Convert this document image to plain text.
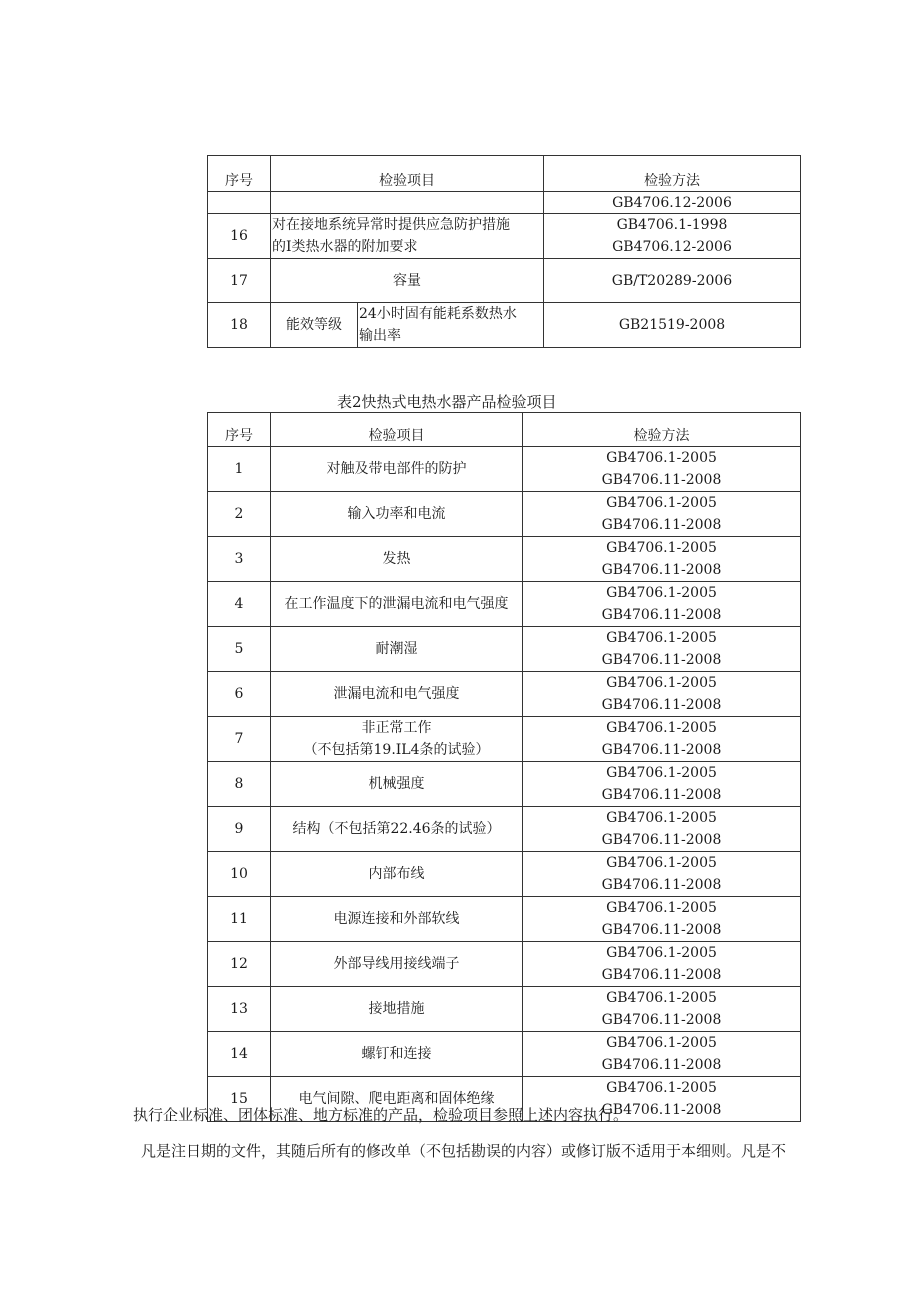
序号	检验项目		检验方法
			GB4706.12-2006
16	对在接地系统异常时提供应急防护措施
的Ⅰ类热水器的附加要求		GB4706.1-1998
GB4706.12-2006

17	容量		GB/T20289-2006
18	能效等级	24小时固有能耗系数热水
输出率	GB21519-2008
表2快热式电热水器产品检验项目
序号	检验项目	检验方法
1	对触及带电部件的防护	GB4706.1-2005
GB4706.11-2008

2	输入功率和电流	GB4706.1-2005
GB4706.11-2008

3	发热	GB4706.1-2005
GB4706.11-2008

4	在工作温度下的泄漏电流和电气强度	GB4706.1-2005
GB4706.11-2008

5	耐潮湿	GB4706.1-2005
GB4706.11-2008

6	泄漏电流和电气强度	GB4706.1-2005
GB4706.11-2008

7	非正常工作
（不包括第19.IL4条的试验）	GB4706.1-2005
GB4706.11-2008

8	机械强度	GB4706.1-2005
GB4706.11-2008

9	结构（不包括第22.46条的试验）	GB4706.1-2005
GB4706.11-2008

10	内部布线	GB4706.1-2005
GB4706.11-2008

11	电源连接和外部软线	GB4706.1-2005
GB4706.11-2008

12	外部导线用接线端子	GB4706.1-2005
GB4706.11-2008

13	接地措施	GB4706.1-2005
GB4706.11-2008

14	螺钉和连接	GB4706.1-2005
GB4706.11-2008

15	电气间隙、爬电距离和固体绝缘	GB4706.1-2005
GB4706.11-2008
执行企业标准、团体标准、地方标准的产品，检验项目参照上述内容执行。
凡是注日期的文件，其随后所有的修改单（不包括勘误的内容）或修订版不适用于本细则。凡是不
